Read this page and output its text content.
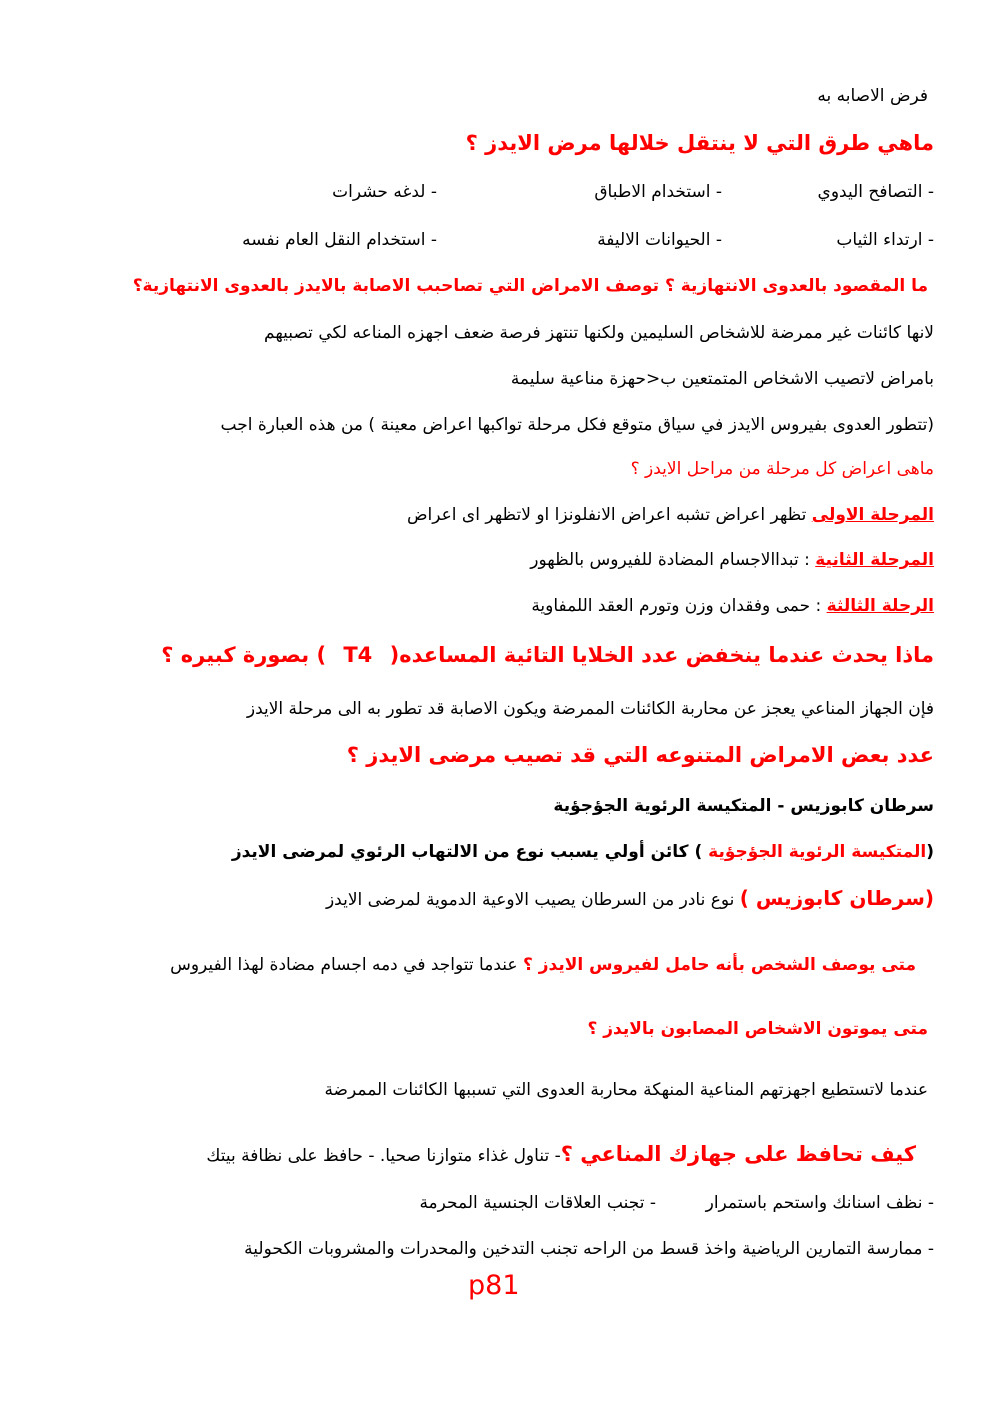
فرض الاصابه به
ماهي طرق التي لا ينتقل خلالها مرض الايدز ؟
- التصافح اليدوي
- استخدام الاطباق
- لدغه حشرات
- ارتداء الثياب
- الحيوانات الاليفة
- استخدام النقل العام نفسه
ما المقصود بالعدوى الانتهازية ؟ توصف الامراض التي تصاحبب الاصابة بالايدز بالعدوى الانتهازية؟
لانها كائنات غير ممرضة للاشخاص السليمين ولكنها تنتهز فرصة ضعف اجهزه المناعه لكي تصبيهم
بامراض لاتصيب الاشخاص المتمتعين ب<حهزة مناعية سليمة
(تتطور العدوى بفيروس الايدز في سياق متوقع فكل مرحلة تواكبها اعراض معينة ) من هذه العبارة اجب
ماهى اعراض كل مرحلة من مراحل الايدز ؟
المرحلة الاولى تظهر اعراض تشبه اعراض الانفلونزا او لاتظهر اى اعراض
المرحلة الثانية : تبداالاجسام المضادة للفيروس بالظهور
الرحلة الثالثة : حمى وفقدان وزن وتورم العقد اللمفاوية
ماذا يحدث عندما ينخفض عدد الخلايا التائية المساعده( T4 ) بصورة كبيره ؟
فإن الجهاز المناعي يعجز عن محاربة الكائنات الممرضة ويكون الاصابة قد تطور به الى مرحلة الايدز
عدد بعض الامراض المتنوعه التي قد تصيب مرضى الايدز ؟
سرطان كابوزيس - المتكيسة الرئوية الجؤجؤية
(المتكيسة الرئوية الجؤجؤية ) كائن أولي يسبب نوع من الالتهاب الرئوي لمرضى الايدز
(سرطان كابوزيس ) نوع نادر من السرطان يصيب الاوعية الدموية لمرضى الايدز
متى يوصف الشخص بأنه حامل لفيروس الايدز ؟ عندما تتواجد في دمه اجسام مضادة لهذا الفيروس
متى يموتون الاشخاص المصابون بالايدز ؟
عندما لاتستطيع اجهزتهم المناعية المنهكة محاربة العدوى التي تسببها الكائنات الممرضة
كيف تحافظ على جهازك المناعي ؟- تناول غذاء متوازنا صحيا. - حافظ على نظافة بيتك
- نظف اسنانك واستحم باستمرار- تجنب العلاقات الجنسية المحرمة
- ممارسة التمارين الرياضية واخذ قسط من الراحه تجنب التدخين والمحدرات والمشروبات الكحولية
p81
